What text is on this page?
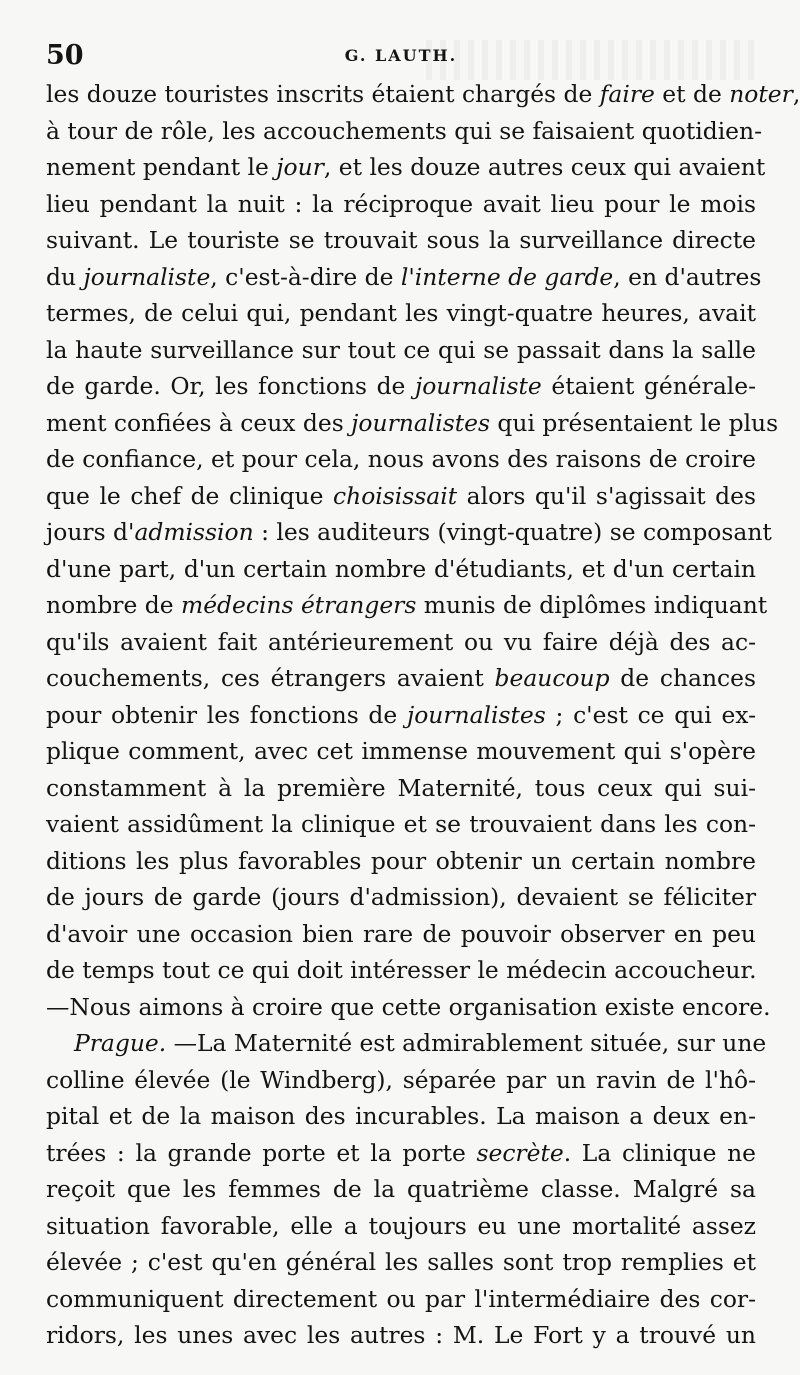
50	G. LAUTH.
les douze touristes inscrits étaient chargés de faire et de noter,
à tour de rôle, les accouchements qui se faisaient quotidien-
nement pendant le jour, et les douze autres ceux qui avaient
lieu pendant la nuit : la réciproque avait lieu pour le mois
suivant. Le touriste se trouvait sous la surveillance directe
du journaliste, c'est-à-dire de l'interne de garde, en d'autres
termes, de celui qui, pendant les vingt-quatre heures, avait
la haute surveillance sur tout ce qui se passait dans la salle
de garde. Or, les fonctions de journaliste étaient générale-
ment confiées à ceux des journalistes qui présentaient le plus
de confiance, et pour cela, nous avons des raisons de croire
que le chef de clinique choisissait alors qu'il s'agissait des
jours d'admission : les auditeurs (vingt-quatre) se composant
d'une part, d'un certain nombre d'étudiants, et d'un certain
nombre de médecins étrangers munis de diplômes indiquant
qu'ils avaient fait antérieurement ou vu faire déjà des ac-
couchements, ces étrangers avaient beaucoup de chances
pour obtenir les fonctions de journalistes ; c'est ce qui ex-
plique comment, avec cet immense mouvement qui s'opère
constamment à la première Maternité, tous ceux qui sui-
vaient assidûment la clinique et se trouvaient dans les con-
ditions les plus favorables pour obtenir un certain nombre
de jours de garde (jours d'admission), devaient se féliciter
d'avoir une occasion bien rare de pouvoir observer en peu
de temps tout ce qui doit intéresser le médecin accoucheur.
—Nous aimons à croire que cette organisation existe encore.
Prague. —La Maternité est admirablement située, sur une
colline élevée (le Windberg), séparée par un ravin de l'hô-
pital et de la maison des incurables. La maison a deux en-
trées : la grande porte et la porte secrète. La clinique ne
reçoit que les femmes de la quatrième classe. Malgré sa
situation favorable, elle a toujours eu une mortalité assez
élevée ; c'est qu'en général les salles sont trop remplies et
communiquent directement ou par l'intermédiaire des cor-
ridors, les unes avec les autres : M. Le Fort y a trouvé un
